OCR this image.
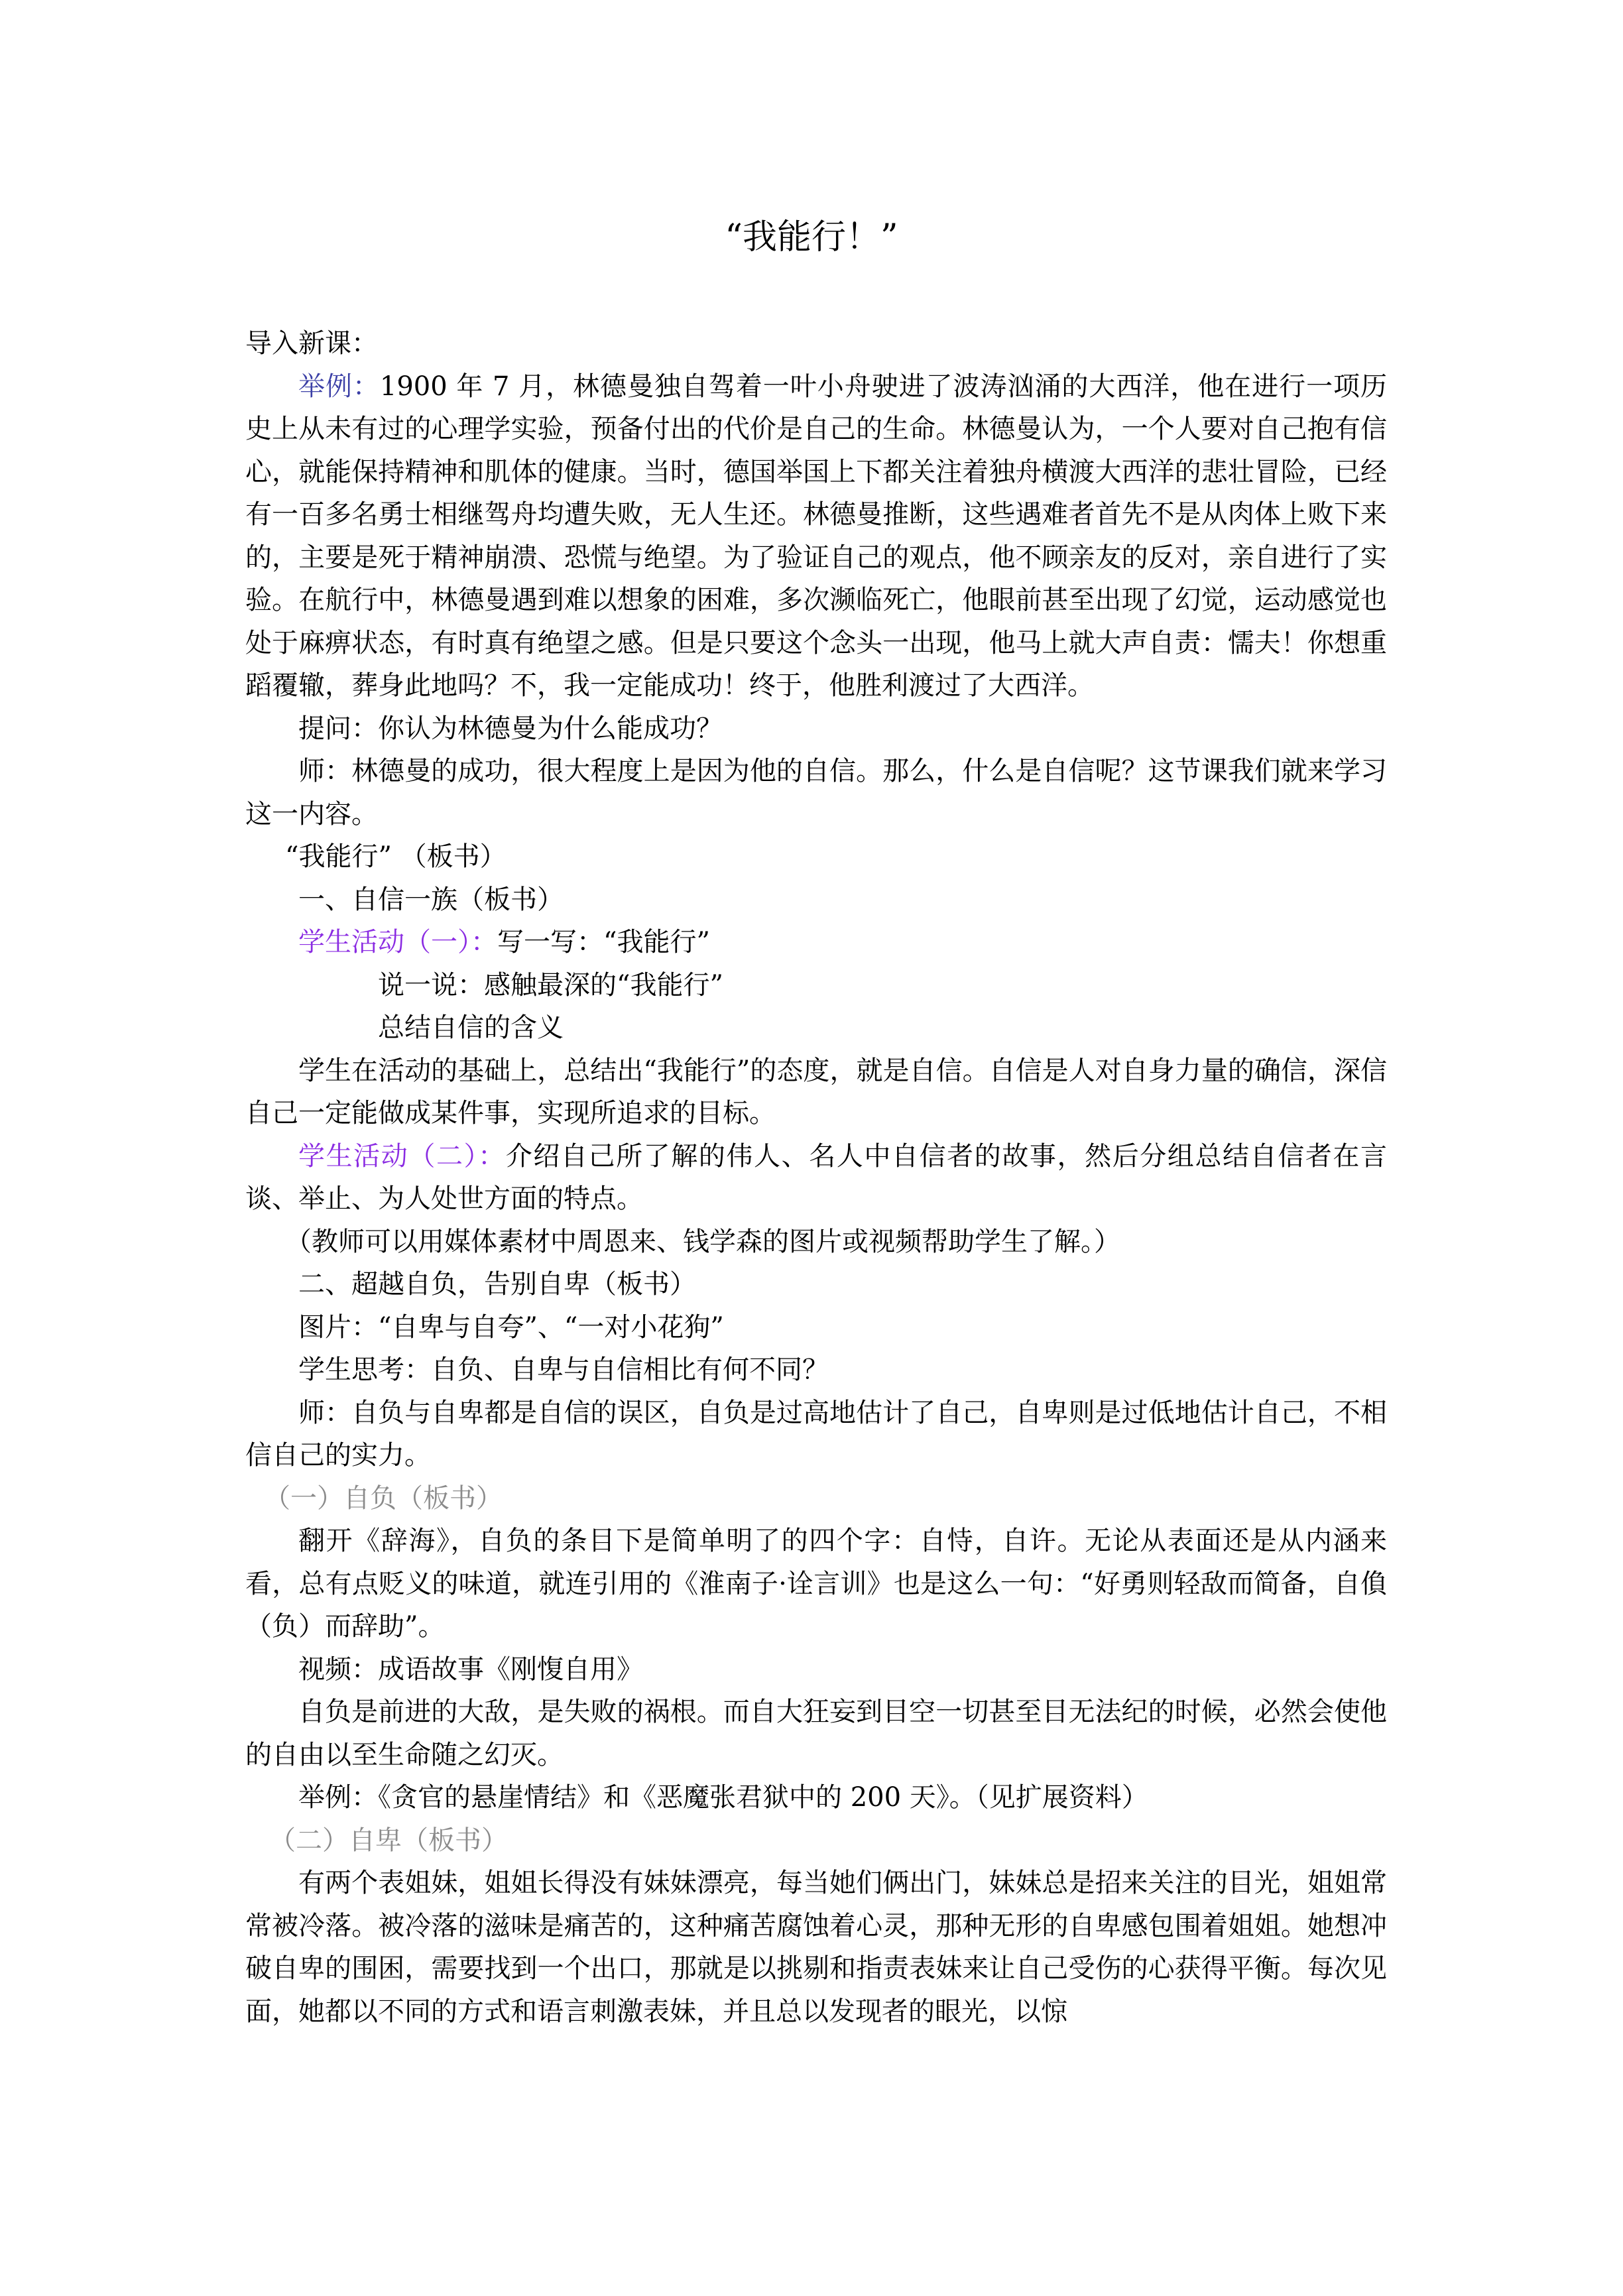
“我能行！”

导入新课：

举例：1900 年 7 月，林德曼独自驾着一叶小舟驶进了波涛汹涌的大西洋，他在进行一项历史上从未有过的心理学实验，预备付出的代价是自己的生命。林德曼认为，一个人要对自己抱有信心，就能保持精神和肌体的健康。当时，德国举国上下都关注着独舟横渡大西洋的悲壮冒险，已经有一百多名勇士相继驾舟均遭失败，无人生还。林德曼推断，这些遇难者首先不是从肉体上败下来的，主要是死于精神崩溃、恐慌与绝望。为了验证自己的观点，他不顾亲友的反对，亲自进行了实验。在航行中，林德曼遇到难以想象的困难，多次濒临死亡，他眼前甚至出现了幻觉，运动感觉也处于麻痹状态，有时真有绝望之感。但是只要这个念头一出现，他马上就大声自责：懦夫！你想重蹈覆辙，葬身此地吗？不，我一定能成功！终于，他胜利渡过了大西洋。

提问：你认为林德曼为什么能成功？

师：林德曼的成功，很大程度上是因为他的自信。那么，什么是自信呢？这节课我们就来学习这一内容。

“我能行” （板书）

一、自信一族（板书）

学生活动（一）：写一写：“我能行”

说一说：感触最深的“我能行”

总结自信的含义

学生在活动的基础上，总结出“我能行”的态度，就是自信。自信是人对自身力量的确信，深信自己一定能做成某件事，实现所追求的目标。

学生活动（二）：介绍自己所了解的伟人、名人中自信者的故事，然后分组总结自信者在言谈、举止、为人处世方面的特点。

（教师可以用媒体素材中周恩来、钱学森的图片或视频帮助学生了解。）

二、超越自负，告别自卑（板书）

图片：“自卑与自夸”、“一对小花狗”

学生思考：自负、自卑与自信相比有何不同？

师：自负与自卑都是自信的误区，自负是过高地估计了自己，自卑则是过低地估计自己，不相信自己的实力。

（一）自负（板书）

翻开《辞海》，自负的条目下是简单明了的四个字：自恃，自许。无论从表面还是从内涵来看，总有点贬义的味道，就连引用的《淮南子·诠言训》也是这么一句：“好勇则轻敌而简备，自偩（负）而辞助”。

视频：成语故事《刚愎自用》

自负是前进的大敌，是失败的祸根。而自大狂妄到目空一切甚至目无法纪的时候，必然会使他的自由以至生命随之幻灭。

举例：《贪官的悬崖情结》和《恶魔张君狱中的 200 天》。（见扩展资料）

（二）自卑（板书）

有两个表姐妹，姐姐长得没有妹妹漂亮，每当她们俩出门，妹妹总是招来关注的目光，姐姐常常被冷落。被冷落的滋味是痛苦的，这种痛苦腐蚀着心灵，那种无形的自卑感包围着姐姐。她想冲破自卑的围困，需要找到一个出口，那就是以挑剔和指责表妹来让自己受伤的心获得平衡。每次见面，她都以不同的方式和语言刺激表妹，并且总以发现者的眼光，以惊
